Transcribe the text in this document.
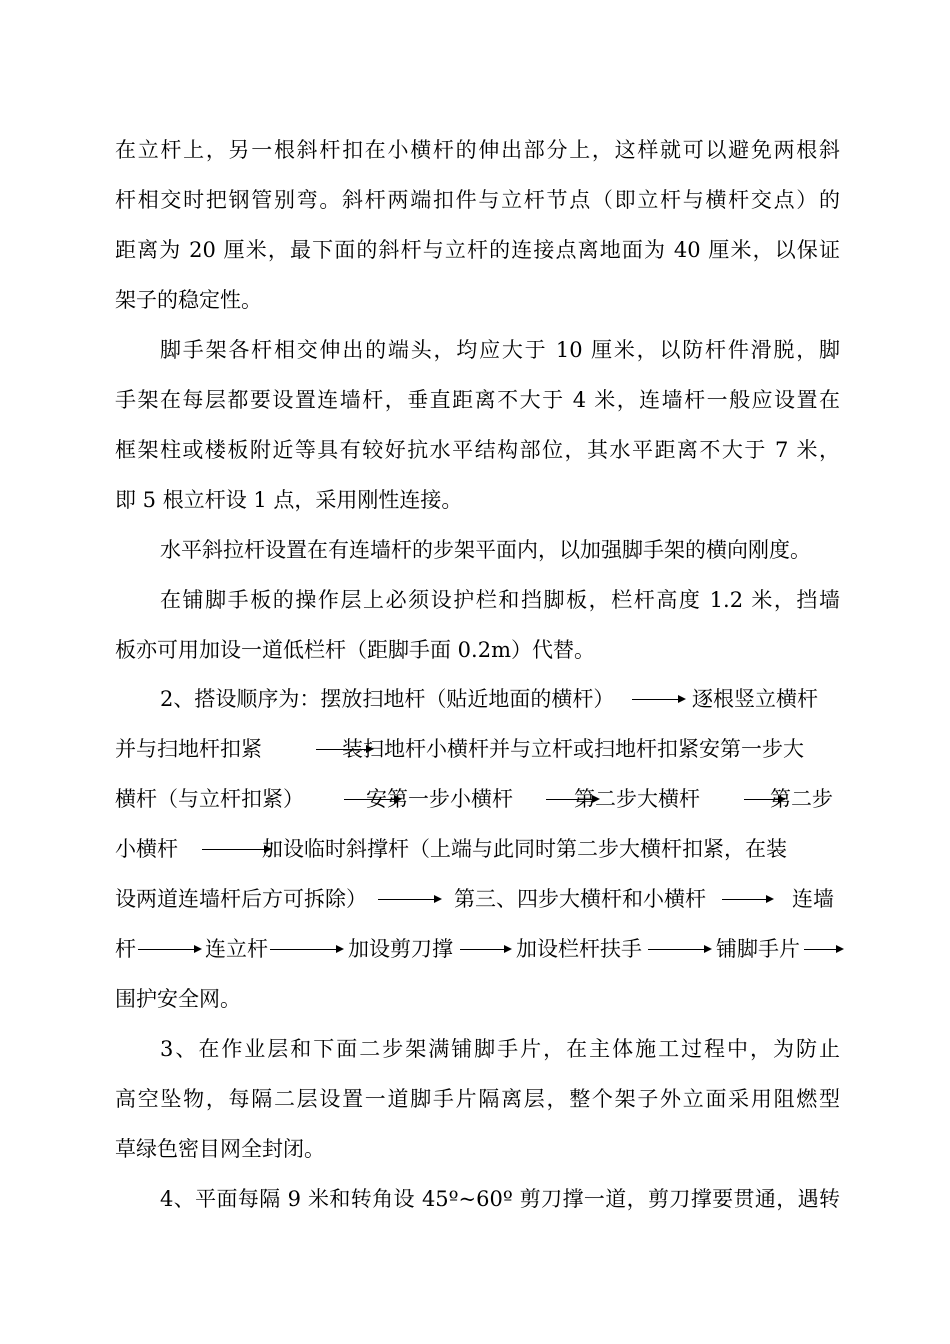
在立杆上，另一根斜杆扣在小横杆的伸出部分上，这样就可以避免两根斜
杆相交时把钢管别弯。斜杆两端扣件与立杆节点（即立杆与横杆交点）的
距离为 20 厘米，最下面的斜杆与立杆的连接点离地面为 40 厘米，以保证
架子的稳定性。
脚手架各杆相交伸出的端头，均应大于 10 厘米，以防杆件滑脱，脚
手架在每层都要设置连墙杆，垂直距离不大于 4 米，连墙杆一般应设置在
框架柱或楼板附近等具有较好抗水平结构部位，其水平距离不大于 7 米，
即 5 根立杆设 1 点，采用刚性连接。
水平斜拉杆设置在有连墙杆的步架平面内，以加强脚手架的横向刚度。
在铺脚手板的操作层上必须设护栏和挡脚板，栏杆高度 1.2 米，挡墙
板亦可用加设一道低栏杆（距脚手面 0.2m）代替。
2、搭设顺序为：摆放扫地杆（贴近地面的横杆）	逐根竖立横杆
并与扫地杆扣紧	装扫地杆小横杆并与立杆或扫地杆扣紧安第一步大
横杆（与立杆扣紧）	安第一步小横杆	第二步大横杆	第二步
小横杆	加设临时斜撑杆（上端与此同时第二步大横杆扣紧，在装
设两道连墙杆后方可拆除）	第三、四步大横杆和小横杆	连墙
杆	连立杆	加设剪刀撑	加设栏杆扶手	铺脚手片
围护安全网。
3、在作业层和下面二步架满铺脚手片，在主体施工过程中，为防止
高空坠物，每隔二层设置一道脚手片隔离层，整个架子外立面采用阻燃型
草绿色密目网全封闭。
4、平面每隔 9 米和转角设 45º~60º 剪刀撑一道，剪刀撑要贯通，遇转
